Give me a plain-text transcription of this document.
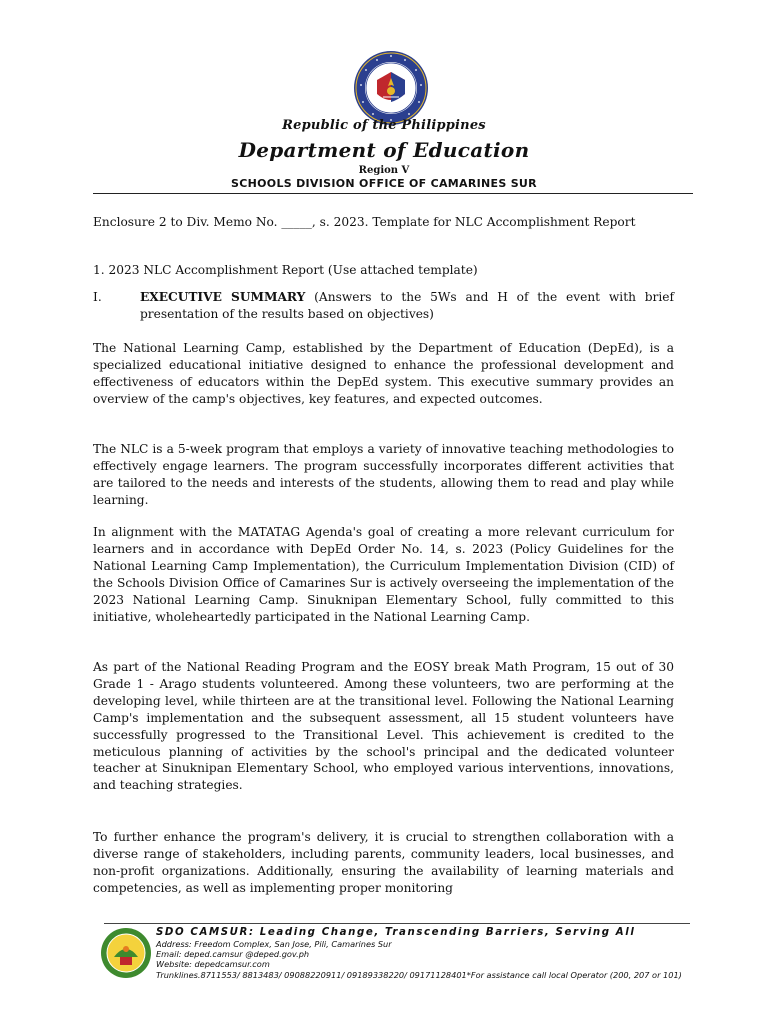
Republic of the Philippines
Department of Education
Region V
SCHOOLS DIVISION OFFICE OF CAMARINES SUR
Enclosure 2 to Div. Memo No. _____, s. 2023. Template for NLC Accomplishment Report
1. 2023 NLC Accomplishment Report (Use attached template)
I.	EXECUTIVE SUMMARY (Answers to the 5Ws and H of the event with brief presentation of the results based on objectives)
The National Learning Camp, established by the Department of Education (DepEd), is a specialized educational initiative designed to enhance the professional development and effectiveness of educators within the DepEd system. This executive summary provides an overview of the camp's objectives, key features, and expected outcomes.
The NLC is a 5-week program that employs a variety of innovative teaching methodologies to effectively engage learners. The program successfully incorporates different activities that are tailored to the needs and interests of the students, allowing them to read and play while learning.
In alignment with the MATATAG Agenda's goal of creating a more relevant curriculum for learners and in accordance with DepEd Order No. 14, s. 2023 (Policy Guidelines for the National Learning Camp Implementation), the Curriculum Implementation Division (CID) of the Schools Division Office of Camarines Sur is actively overseeing the implementation of the 2023 National Learning Camp. Sinuknipan Elementary School, fully committed to this initiative, wholeheartedly participated in the National Learning Camp.
As part of the National Reading Program and the EOSY break Math Program, 15 out of 30 Grade 1 - Arago students volunteered. Among these volunteers, two are performing at the developing level, while thirteen are at the transitional level. Following the National Learning Camp's implementation and the subsequent assessment, all 15 student volunteers have successfully progressed to the Transitional Level. This achievement is credited to the meticulous planning of activities by the school's principal and the dedicated volunteer teacher at Sinuknipan Elementary School, who employed various interventions, innovations, and teaching strategies.
To further enhance the program's delivery, it is crucial to strengthen collaboration with a diverse range of stakeholders, including parents, community leaders, local businesses, and non-profit organizations. Additionally, ensuring the availability of learning materials and competencies, as well as implementing proper monitoring
SDO CAMSUR: Leading Change, Transcending Barriers, Serving All
Address: Freedom Complex, San Jose, Pili, Camarines Sur
Email: deped.camsur @deped.gov.ph
Website: depedcamsur.com
Trunklines.8711553/ 8813483/ 09088220911/ 09189338220/ 09171128401*For assistance call local Operator (200, 207 or 101)
